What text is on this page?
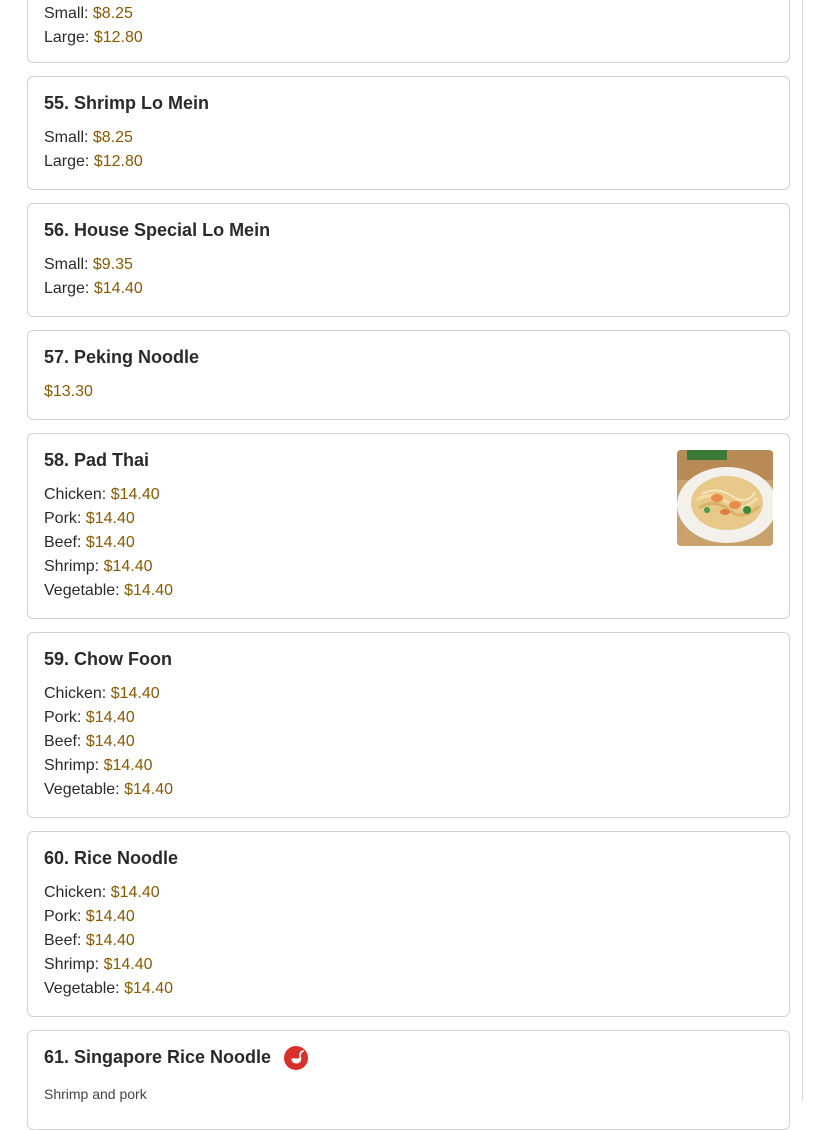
Small: $8.25
Large: $12.80
55. Shrimp Lo Mein
Small: $8.25
Large: $12.80
56. House Special Lo Mein
Small: $9.35
Large: $14.40
57. Peking Noodle
$13.30
58. Pad Thai
Chicken: $14.40
Pork: $14.40
Beef: $14.40
Shrimp: $14.40
Vegetable: $14.40
59. Chow Foon
Chicken: $14.40
Pork: $14.40
Beef: $14.40
Shrimp: $14.40
Vegetable: $14.40
60. Rice Noodle
Chicken: $14.40
Pork: $14.40
Beef: $14.40
Shrimp: $14.40
Vegetable: $14.40
61. Singapore Rice Noodle
Shrimp and pork
